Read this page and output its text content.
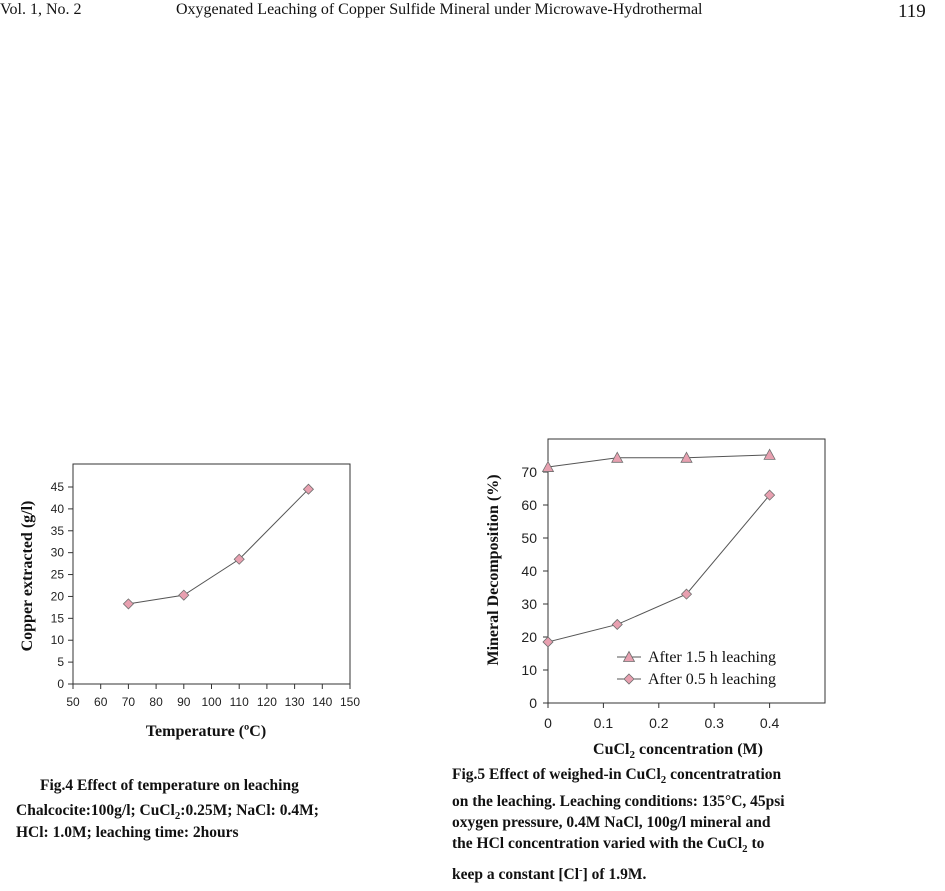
Vol. 1, No. 2	Oxygenated Leaching of Copper Sulfide Mineral under Microwave-Hydrothermal	119
0
5
10
15
20
25
30
35
40
45
50 60 70 80 90 100 110 120 130 140 150
Temperature (ºC)
Copper extracted (g/l)
0
10
20
30
40
50
60
70
0	0.1	0.2	0.3	0.4
After 1.5 h leaching
After 0.5 h leaching
CuCl$_2$ concentration (M)
Mineral Decomposition (%)
Fig.4 Effect of temperature on leaching
Chalcocite:100g/l; CuCl$_2$:0.25M; NaCl: 0.4M;
HCl: 1.0M; leaching time: 2hours
Fig.5 Effect of weighed-in CuCl$_2$ concentratration
on the leaching. Leaching conditions: 135°C, 45psi
oxygen pressure, 0.4M NaCl, 100g/l mineral and
the HCl concentration varied with the CuCl$_2$ to
keep a constant [Cl-] of 1.9M.
